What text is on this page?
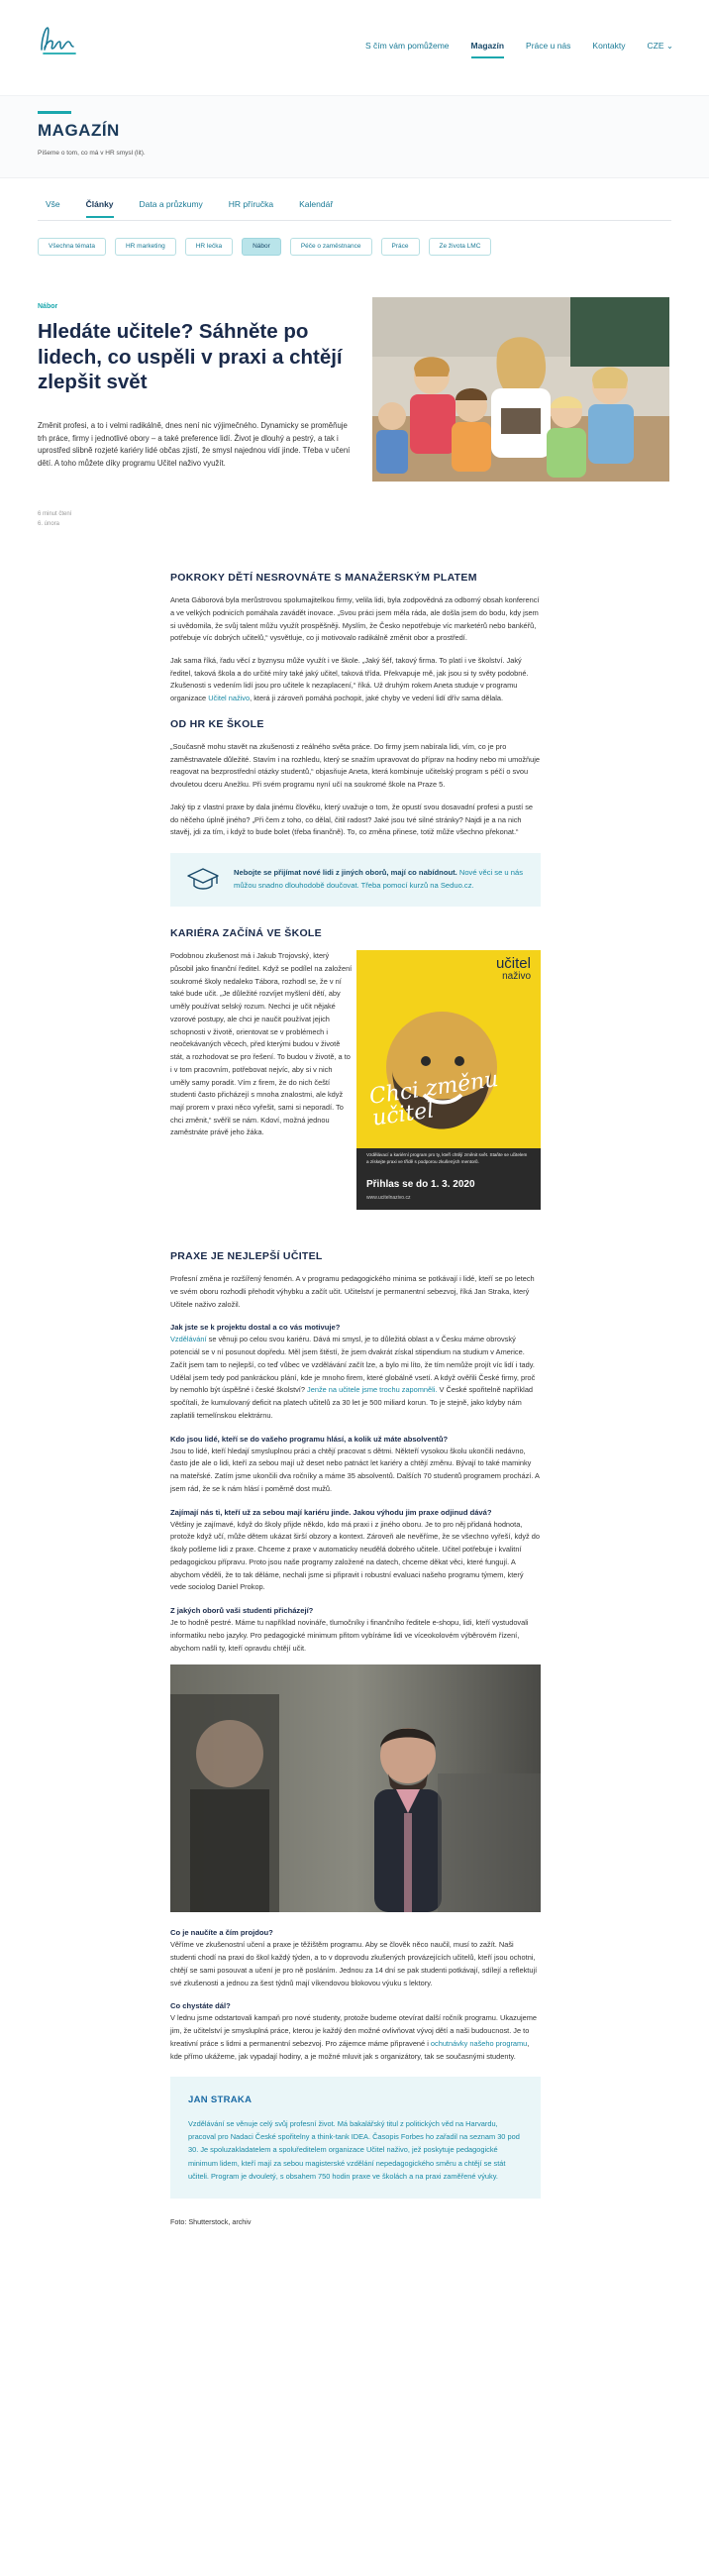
S čím vám pomůžeme	Magazín	Práce u nás	Kontakty	CZE ⌄
MAGAZÍN
Píšeme o tom, co má v HR smysl (lit).
Vše	Články	Data a průzkumy	HR příručka	Kalendář
Všechna témata	HR marketing	HR lečka	Nábor	Péče o zaměstnance	Práce	Ze života LMC
Nábor
Hledáte učitele? Sáhněte po lidech, co uspěli v praxi a chtějí zlepšit svět

Změnit profesi, a to i velmi radikálně, dnes není nic výjimečného. Dynamicky se proměňuje trh práce, firmy i jednotlivé obory – a také preference lidí. Život je dlouhý a pestrý, a tak i uprostřed slibně rozjeté kariéry lidé občas zjistí, že smysl najednou vidí jinde. Třeba v učení dětí. A toho můžete díky programu Učitel naživo využít.

6 minut čtení
6. února
POKROKY DĚTÍ NESROVNÁTE S MANAŽERSKÝM PLATEM

Aneta Gáborová byla merůstrovou spolumajitelkou firmy, velila lidi, byla zodpovědná za odborný obsah konferencí a ve velkých podnicích pomáhala zavádět inovace. „Svou práci jsem měla ráda, ale došla jsem do bodu, kdy jsem si uvědomila, že svůj talent můžu využít prospěšněji. Myslím, že Česko nepotřebuje víc marketérů nebo bankéřů, potřebuje víc dobrých učitelů,“ vysvětluje, co ji motivovalo radikálně změnit obor a prostředí.

Jak sama říká, řadu věcí z byznysu může využít i ve škole. „Jaký šéf, takový firma. To platí i ve školství. Jaký ředitel, taková škola a do určité míry také jaký učitel, taková třída. Překvapuje mě, jak jsou si ty světy podobné. Zkušenosti s vedením lidí jsou pro učitele k nezaplacení,“ říká. Už druhým rokem Aneta studuje v programu organizace Učitel naživo, která ji zároveň pomáhá pochopit, jaké chyby ve vedení lidí dřív sama dělala.

OD HR KE ŠKOLE

„Současně mohu stavět na zkušenosti z reálného světa práce. Do firmy jsem nabírala lidi, vím, co je pro zaměstnavatele důležité. Stavím i na rozhledu, který se snažím upravovat do příprav na hodiny nebo mi umožňuje reagovat na bezprostřední otázky studentů,“ objasňuje Aneta, která kombinuje učitelský program s péčí o svou dvouletou dceru Anežku. Při svém programu nyní učí na soukromé škole na Praze 5.

Jaký tip z vlastní praxe by dala jinému člověku, který uvažuje o tom, že opustí svou dosavadní profesi a pustí se do něčeho úplně jiného? „Při čem z toho, co dělal, čitil radost? Jaké jsou tvé silné stránky? Najdi je a na nich stavěj, jdi za tím, i když to bude bolet (třeba finančně). To, co změna přinese, totiž může všechno překonat.“

Nebojte se přijímat nové lidi z jiných oborů, mají co nabídnout. Nové věci se u nás můžou snadno dlouhodobě doučovat. Třeba pomocí kurzů na Seduo.cz.

KARIÉRA ZAČÍNÁ VE ŠKOLE

Podobnou zkušenost má i Jakub Trojovský, který působil jako finanční ředitel. Když se podílel na založení soukromé školy nedaleko Tábora, rozhodl se, že v ní také bude učit. „Je důležité rozvíjet myšlení dětí, aby uměly používat selský rozum. Nechci je učit nějaké vzorové postupy, ale chci je naučit používat jejich schopnosti v životě, orientovat se v problémech i neočekávaných věcech, před kterými budou v životě stát, a rozhodovat se pro řešení. To budou v životě, a to i v tom pracovním, potřebovat nejvíc, aby si v nich uměly samy poradit. Vím z firem, že do nich čeští studenti často přicházejí s mnoha znalostmi, ale když mají prorem v praxi něco vyřešit, sami si neporadí. To chci změnit,“ svěřil se nám. Kdoví, možná jednou zaměstnáte právě jeho žáka.

učitel
naživo
Chci změnu učitel
Vzdělávací a kariérní program pro ty, kteří chtějí změnit svět. Staňte se učitelem a získejte praxi ve třídě s podporou zkušených mentorů.
Přihlas se do 1. 3. 2020
www.ucitelnazivo.cz
PRAXE JE NEJLEPŠÍ UČITEL

Profesní změna je rozšířený fenomén. A v programu pedagogického minima se potkávají i lidé, kteří se po letech ve svém oboru rozhodli přehodit výhybku a začít učit. Učitelství je permanentní sebezvoj, říká Jan Straka, který Učitele naživo založil.

Jak jste se k projektu dostal a co vás motivuje?

Vzdělávání se věnuji po celou svou kariéru. Dává mi smysl, je to důležitá oblast a v Česku máme obrovský potenciál se v ní posunout dopředu. Měl jsem štěstí, že jsem dvakrát získal stipendium na studium v Americe. Začít jsem tam to nejlepší, co teď vůbec ve vzdělávání začít lze, a bylo mi líto, že tím nemůže projít víc lidí i tady. Udělal jsem tedy pod pankráckou plání, kde je mnoho firem, které globálně vsetí. A když ověřili České firmy, proč by nemohlo být úspěšné i české školství? Jenže na učitele jsme trochu zapomněli. V České spořitelně například spočítali, že kumulovaný deficit na platech učitelů za 30 let je 500 miliard korun. To je stejně, jako kdyby nám zaplatili temelínskou elektrárnu.

Kdo jsou lidé, kteří se do vašeho programu hlásí, a kolik už máte absolventů?

Jsou to lidé, kteří hledají smysluplnou práci a chtějí pracovat s dětmi. Někteří vysokou školu ukončili nedávno, často jde ale o lidi, kteří za sebou mají už deset nebo patnáct let kariéry a chtějí změnu. Bývají to také maminky na mateřské. Zatím jsme ukončili dva ročníky a máme 35 absolventů. Dalších 70 studentů programem prochází. A jsem rád, že se k nám hlásí i poměrně dost mužů.

Zajímají nás ti, kteří už za sebou mají kariéru jinde. Jakou výhodu jim praxe odjinud dává?

Většiny je zajímavé, když do školy přijde někdo, kdo má praxi i z jiného oboru. Je to pro něj přidaná hodnota, protože když učí, může dětem ukázat širší obzory a kontext. Zároveň ale nevěříme, že se všechno vyřeší, když do školy pošleme lidi z praxe. Chceme z praxe v automaticky neudělá dobrého učitele. Učitel potřebuje i kvalitní pedagogickou přípravu. Proto jsou naše programy založené na datech, chceme děkat věci, které fungují. A abychom věděli, že to tak děláme, nechali jsme si připravit i robustní evaluaci našeho programu týmem, který vede sociolog Daniel Prokop.

Z jakých oborů vaši studenti přicházejí?

Je to hodně pestré. Máme tu například novináře, tlumočníky i finančního ředitele e-shopu, lidi, kteří vystudovali informatiku nebo jazyky. Pro pedagogické minimum přitom vybíráme lidi ve víceokolovém výběrovém řízení, abychom našli ty, kteří opravdu chtějí učit.

Co je naučíte a čím projdou?

Věříme ve zkušenostní učení a praxe je těžištěm programu. Aby se člověk něco naučil, musí to zažít. Naši studenti chodí na praxi do škol každý týden, a to v doprovodu zkušených provázejících učitelů, kteří jsou ochotni, chtějí se sami posouvat a učení je pro ně posláním. Jednou za 14 dní se pak studenti potkávají, sdílejí a reflektují své zkušenosti a jednou za šest týdnů mají víkendovou blokovou výuku s lektory.

Co chystáte dál?

V lednu jsme odstartovali kampaň pro nové studenty, protože budeme otevírat další ročník programu. Ukazujeme jim, že učitelství je smysluplná práce, kterou je každý den možné ovlivňovat vývoj dětí a naši budoucnost. Je to kreativní práce s lidmi a permanentní sebezvoj. Pro zájemce máme připravené i ochutnávky našeho programu, kde přímo ukážeme, jak vypadají hodiny, a je možné mluvit jak s organizátory, tak se současnými studenty.

JAN STRAKA

Vzdělávání se věnuje celý svůj profesní život. Má bakalářský titul z politických věd na Harvardu, pracoval pro Nadaci České spořitelny a think-tank IDEA. Časopis Forbes ho zařadil na seznam 30 pod 30. Je spoluzakladatelem a spoluředitelem organizace Učitel naživo, jež poskytuje pedagogické minimum lidem, kteří mají za sebou magisterské vzdělání nepedagogického směru a chtějí se stát učiteli. Program je dvouletý, s obsahem 750 hodin praxe ve školách a na praxi zaměřené výuky.

Foto: Shutterstock, archiv
